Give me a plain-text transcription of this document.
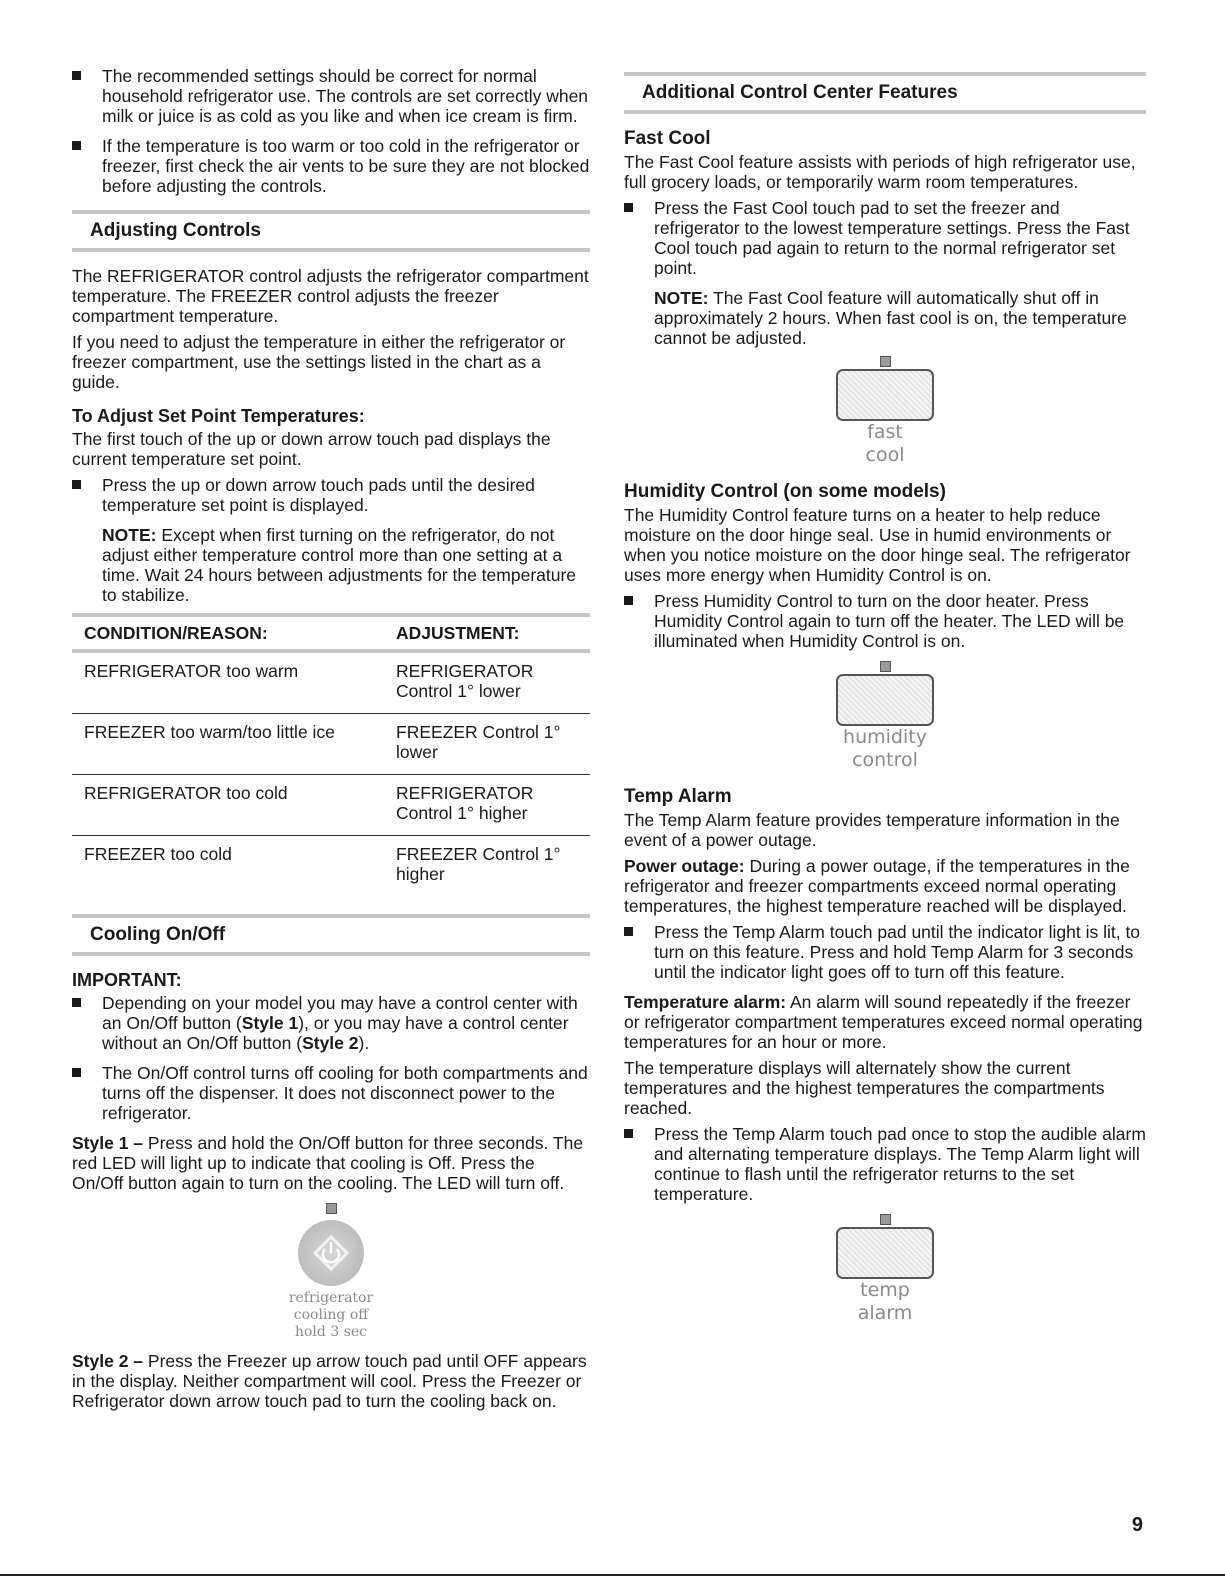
The recommended settings should be correct for normal household refrigerator use. The controls are set correctly when milk or juice is as cold as you like and when ice cream is firm.
If the temperature is too warm or too cold in the refrigerator or freezer, first check the air vents to be sure they are not blocked before adjusting the controls.
Adjusting Controls

The REFRIGERATOR control adjusts the refrigerator compartment temperature. The FREEZER control adjusts the freezer compartment temperature.

If you need to adjust the temperature in either the refrigerator or freezer compartment, use the settings listed in the chart as a guide.

To Adjust Set Point Temperatures:

The first touch of the up or down arrow touch pad displays the current temperature set point.

Press the up or down arrow touch pads until the desired temperature set point is displayed.
NOTE: Except when first turning on the refrigerator, do not adjust either temperature control more than one setting at a time. Wait 24 hours between adjustments for the temperature to stabilize.
CONDITION/REASON:	ADJUSTMENT:
REFRIGERATOR too warm	REFRIGERATOR Control 1° lower
FREEZER too warm/too little ice	FREEZER Control 1° lower
REFRIGERATOR too cold	REFRIGERATOR Control 1° higher
FREEZER too cold	FREEZER Control 1° higher
Cooling On/Off
IMPORTANT:
Depending on your model you may have a control center with an On/Off button (Style 1), or you may have a control center without an On/Off button (Style 2).
The On/Off control turns off cooling for both compartments and turns off the dispenser. It does not disconnect power to the refrigerator.

Style 1 – Press and hold the On/Off button for three seconds. The red LED will light up to indicate that cooling is Off. Press the On/Off button again to turn on the cooling. The LED will turn off.

refrigerator
cooling off
hold 3 sec

Style 2 – Press the Freezer up arrow touch pad until OFF appears in the display. Neither compartment will cool. Press the Freezer or Refrigerator down arrow touch pad to turn the cooling back on.

Additional Control Center Features
Fast Cool

The Fast Cool feature assists with periods of high refrigerator use, full grocery loads, or temporarily warm room temperatures.

Press the Fast Cool touch pad to set the freezer and refrigerator to the lowest temperature settings. Press the Fast Cool touch pad again to return to the normal refrigerator set point.
NOTE: The Fast Cool feature will automatically shut off in approximately 2 hours. When fast cool is on, the temperature cannot be adjusted.
fast
cool
Humidity Control (on some models)

The Humidity Control feature turns on a heater to help reduce moisture on the door hinge seal. Use in humid environments or when you notice moisture on the door hinge seal. The refrigerator uses more energy when Humidity Control is on.

Press Humidity Control to turn on the door heater. Press Humidity Control again to turn off the heater. The LED will be illuminated when Humidity Control is on.
humidity
control
Temp Alarm

The Temp Alarm feature provides temperature information in the event of a power outage.

Power outage: During a power outage, if the temperatures in the refrigerator and freezer compartments exceed normal operating temperatures, the highest temperature reached will be displayed.

Press the Temp Alarm touch pad until the indicator light is lit, to turn on this feature. Press and hold Temp Alarm for 3 seconds until the indicator light goes off to turn off this feature.

Temperature alarm: An alarm will sound repeatedly if the freezer or refrigerator compartment temperatures exceed normal operating temperatures for an hour or more.

The temperature displays will alternately show the current temperatures and the highest temperatures the compartments reached.

Press the Temp Alarm touch pad once to stop the audible alarm and alternating temperature displays. The Temp Alarm light will continue to flash until the refrigerator returns to the set temperature.
temp
alarm
9
